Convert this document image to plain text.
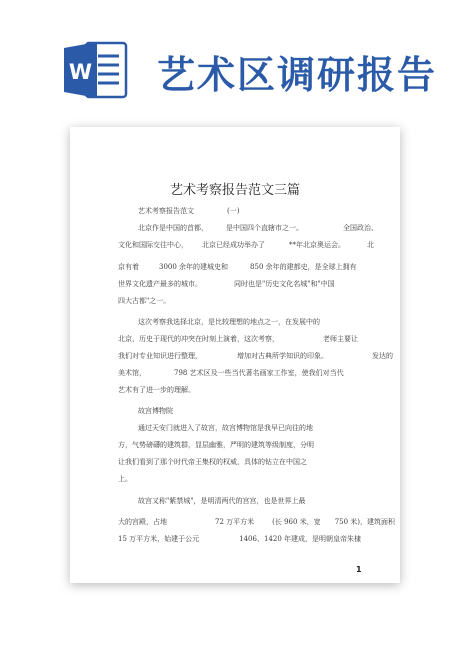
W 艺术区调研报告
艺术考察报告范文三篇
艺术考察报告范文	(一)
北京作是中国的首都，	是中国四个直辖市之一。	全国政治、
文化和国际交往中心， 北京已经成功举办了	**年北京奥运会。	北
京有着	3000 余年的建城史和	850 余年的建都史，是全球上拥有
世界文化遗产最多的城市。	同时也是"历史文化名城"和"中国
四大古都"之一。
这次考察我选择北京，是比较理想的地点之一，在发展中的
北京，历史于现代的冲突在时刻上演着，这次考察，	老师主要让
我们对专业知识进行整理，	增加对古典所学知识的印象。	发达的
美术馆，	798 艺术区及一些当代著名画家工作室，使我们对当代
艺术有了进一步的理解。
故宫博物院
通过天安门就进入了故宫，故宫博物馆是我早已向往的地
方，气势磅礴的建筑群，显层幽雅，严明的建筑等级制度，分明
让我们看到了那个时代帝王集权的权威，具体的钻立在中国之
上。
故宫又称"紫禁城"，是明清两代的宫宫，也是世界上最
大的宫殿，占地	72 万平方米	(长 960 米，宽 750 米)，建筑面积
15 万平方米，始建于公元	1406、1420 年建成，是明朝皇帝朱棣
1
